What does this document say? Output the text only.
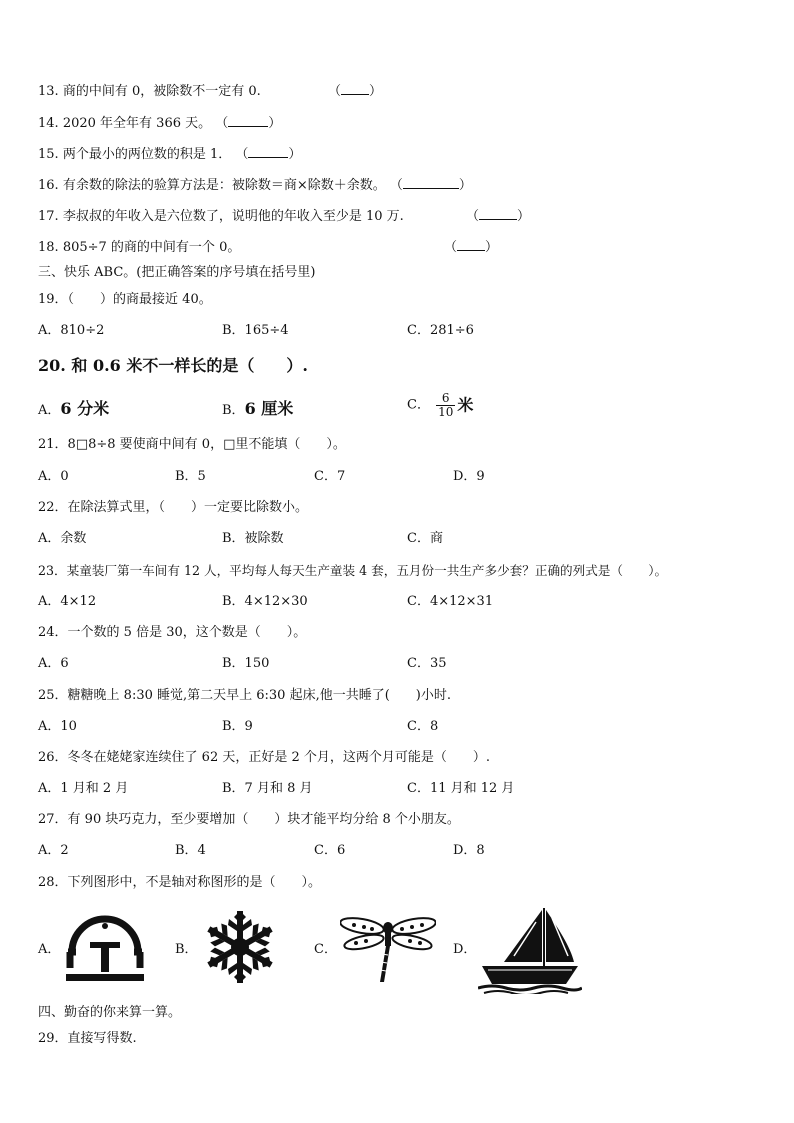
13. 商的中间有 0，被除数不一定有 0.	（ ）
14. 2020 年全年有 366 天。 （	）
15. 两个最小的两位数的积是 1． （	）
16. 有余数的除法的验算方法是：被除数＝商×除数＋余数。 （	）
17. 李叔叔的年收入是六位数了，说明他的年收入至少是 10 万.	（	）
18. 805÷7 的商的中间有一个 0。	（ ）
三、快乐 ABC。(把正确答案的序号填在括号里)
19．（　　）的商最接近 40。
A．810÷2	B．165÷4	C．281÷6
20. 和 0.6 米不一样长的是（　　）.
A．6 分米	B．6 厘米	C． $\frac{6}{10}$ 米
21．8□8÷8 要使商中间有 0，□里不能填（　　）。
A．0	B．5	C．7	D．9
22．在除法算式里，（　　）一定要比除数小。
A．余数	B．被除数	C．商
23．某童装厂第一车间有 12 人，平均每人每天生产童装 4 套，五月份一共生产多少套？正确的列式是（　　）。
A．4×12	B．4×12×30	C．4×12×31
24．一个数的 5 倍是 30，这个数是（　　）。
A．6	B．150	C．35
25．糖糖晚上 8:30 睡觉,第二天早上 6:30 起床,他一共睡了(　　)小时.
A．10	B．9	C．8
26．冬冬在姥姥家连续住了 62 天，正好是 2 个月，这两个月可能是（　　）.
A．1 月和 2 月	B．7 月和 8 月	C．11 月和 12 月
27．有 90 块巧克力，至少要增加（　　）块才能平均分给 8 个小朋友。
A．2	B．4	C．6	D．8
28．下列图形中，不是轴对称图形的是（　　）。
A．	B．	C．	D．
四、勤奋的你来算一算。
29．直接写得数.
